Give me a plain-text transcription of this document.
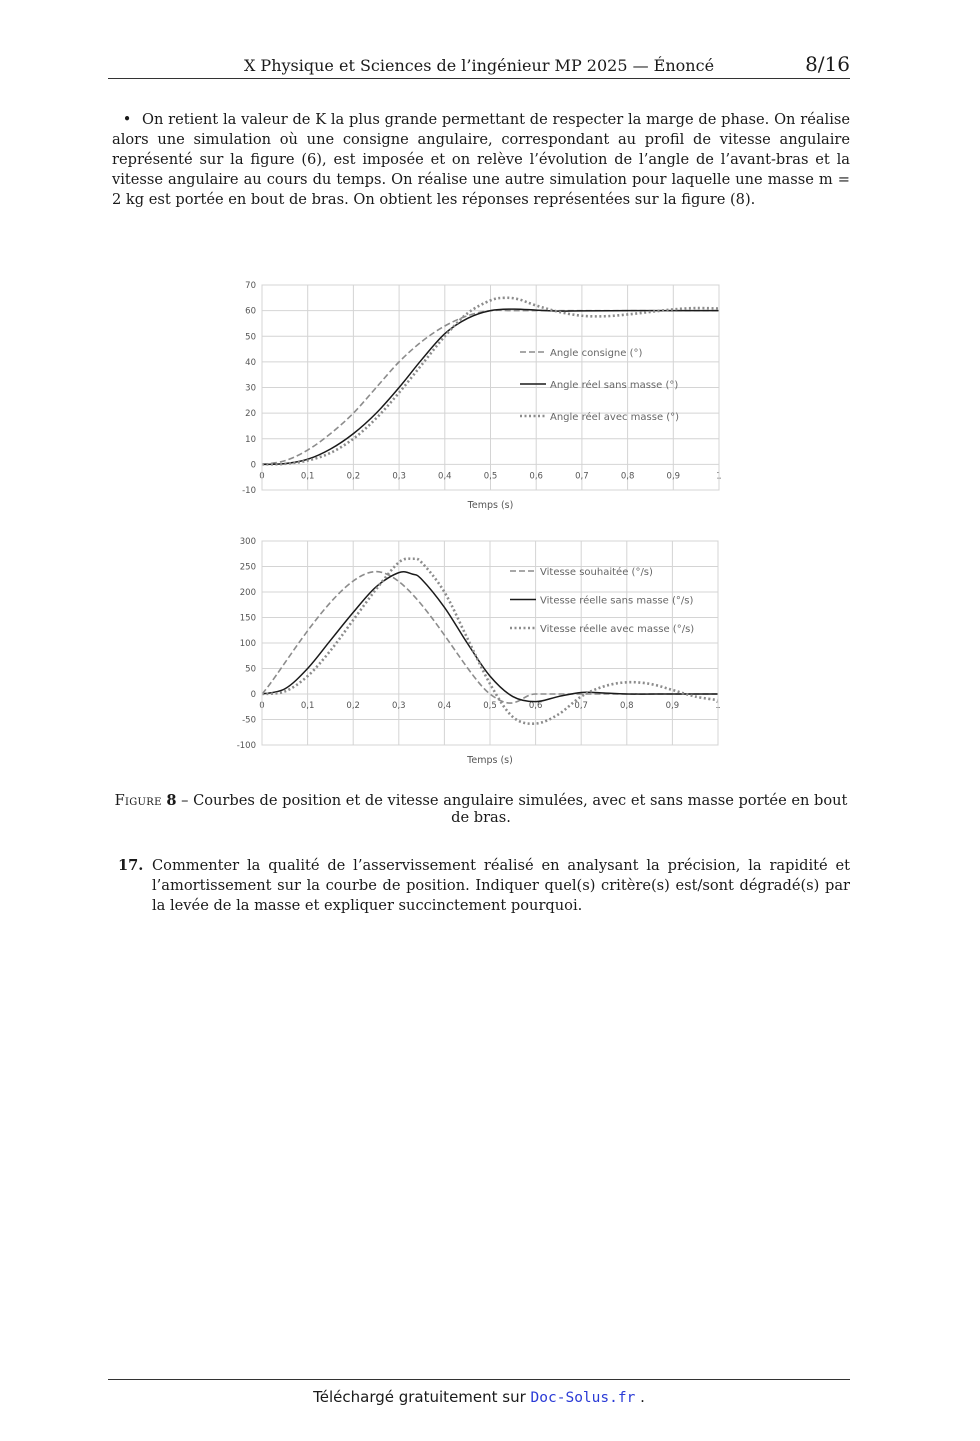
X Physique et Sciences de l’ingénieur MP 2025 — Énoncé	8/16
• On retient la valeur de K la plus grande permettant de respecter la marge de phase. On réalise alors une simulation où une consigne angulaire, correspondant au profil de vitesse angulaire représenté sur la figure (6), est imposée et on relève l’évolution de l’angle de l’avant-bras et la vitesse angulaire au cours du temps. On réalise une autre simulation pour laquelle une masse m = 2 kg est portée en bout de bras. On obtient les réponses représentées sur la figure (8).
-10
0
10
20
30
40
50
60
70
0	0,1	0,2	0,3	0,4	0,5	0,6	0,7	0,8	0,9	1
Temps (s)
Angle consigne (°)
Angle réel sans masse (°)
Angle réel avec masse (°)
-100
-50
0
50
100
150
200
250
300
0	0,1	0,2	0,3	0,4	0,5	0,6	0,7	0,8	0,9	1
Temps (s)
Vitesse souhaitée (°/s)
Vitesse réelle sans masse (°/s)
Vitesse réelle avec masse (°/s)
Figure 8 – Courbes de position et de vitesse angulaire simulées, avec et sans masse portée en bout de bras.
17. Commenter la qualité de l’asservissement réalisé en analysant la précision, la rapidité et l’amortissement sur la courbe de position. Indiquer quel(s) critère(s) est/sont dégradé(s) par la levée de la masse et expliquer succinctement pourquoi.
Téléchargé gratuitement sur Doc-Solus.fr .
